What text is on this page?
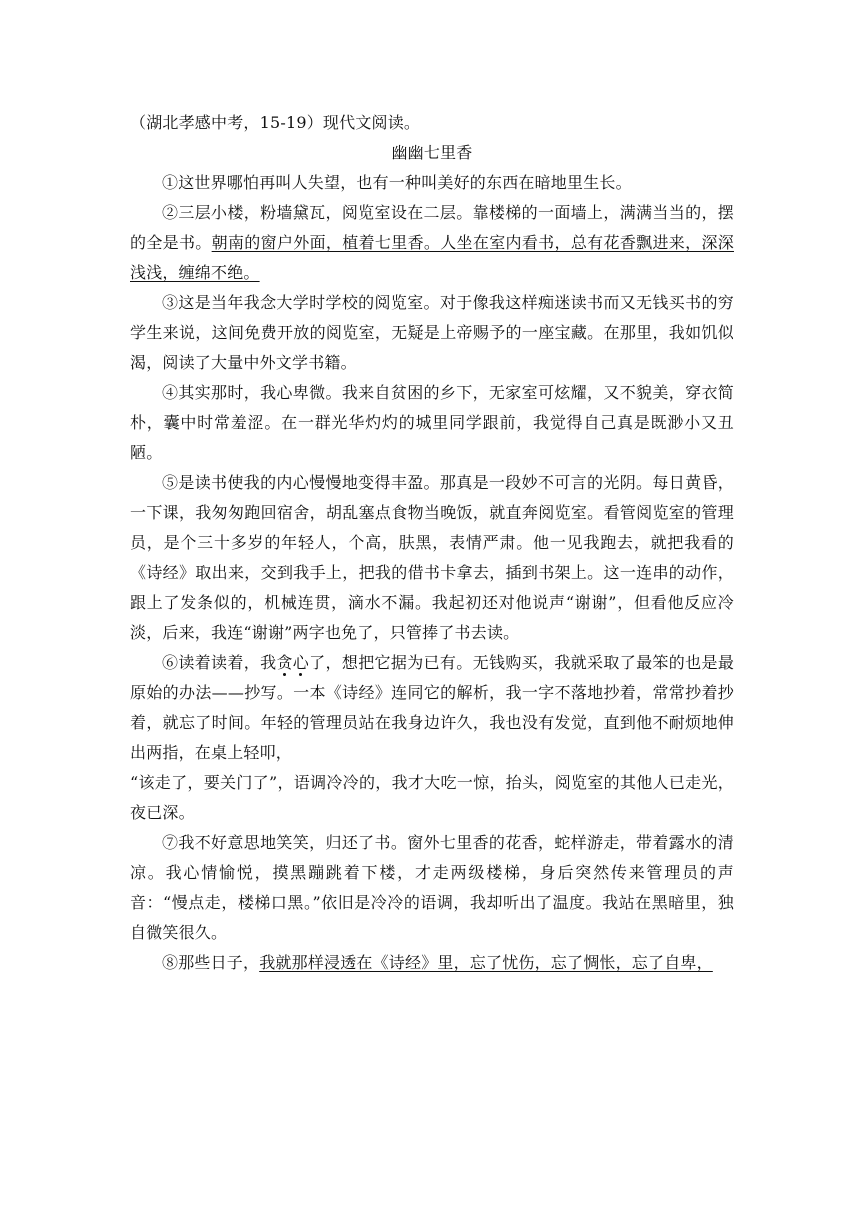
（湖北孝感中考，15-19）现代文阅读。

幽幽七里香

①这世界哪怕再叫人失望，也有一种叫美好的东西在暗地里生长。

②三层小楼，粉墙黛瓦，阅览室设在二层。靠楼梯的一面墙上，满满当当的，摆的全是书。朝南的窗户外面，植着七里香。人坐在室内看书，总有花香飘进来，深深浅浅，缠绵不绝。

③这是当年我念大学时学校的阅览室。对于像我这样痴迷读书而又无钱买书的穷学生来说，这间免费开放的阅览室，无疑是上帝赐予的一座宝藏。在那里，我如饥似渴，阅读了大量中外文学书籍。

④其实那时，我心卑微。我来自贫困的乡下，无家室可炫耀，又不貌美，穿衣简朴，囊中时常羞涩。在一群光华灼灼的城里同学跟前，我觉得自己真是既渺小又丑陋。

⑤是读书使我的内心慢慢地变得丰盈。那真是一段妙不可言的光阴。每日黄昏，一下课，我匆匆跑回宿舍，胡乱塞点食物当晚饭，就直奔阅览室。看管阅览室的管理员，是个三十多岁的年轻人，个高，肤黑，表情严肃。他一见我跑去，就把我看的《诗经》取出来，交到我手上，把我的借书卡拿去，插到书架上。这一连串的动作，跟上了发条似的，机械连贯，滴水不漏。我起初还对他说声“谢谢”，但看他反应冷淡，后来，我连“谢谢”两字也免了，只管捧了书去读。

⑥读着读着，我贪心了，想把它据为已有。无钱购买，我就采取了最笨的也是最原始的办法——抄写。一本《诗经》连同它的解析，我一字不落地抄着，常常抄着抄着，就忘了时间。年轻的管理员站在我身边许久，我也没有发觉，直到他不耐烦地伸出两指，在桌上轻叩，

“该走了，要关门了”，语调冷冷的，我才大吃一惊，抬头，阅览室的其他人已走光，夜已深。

⑦我不好意思地笑笑，归还了书。窗外七里香的花香，蛇样游走，带着露水的清凉。我心情愉悦，摸黑蹦跳着下楼，才走两级楼梯，身后突然传来管理员的声音：“慢点走，楼梯口黑。”依旧是冷冷的语调，我却听出了温度。我站在黑暗里，独自微笑很久。

⑧那些日子，我就那样浸透在《诗经》里，忘了忧伤，忘了惆怅，忘了自卑，
